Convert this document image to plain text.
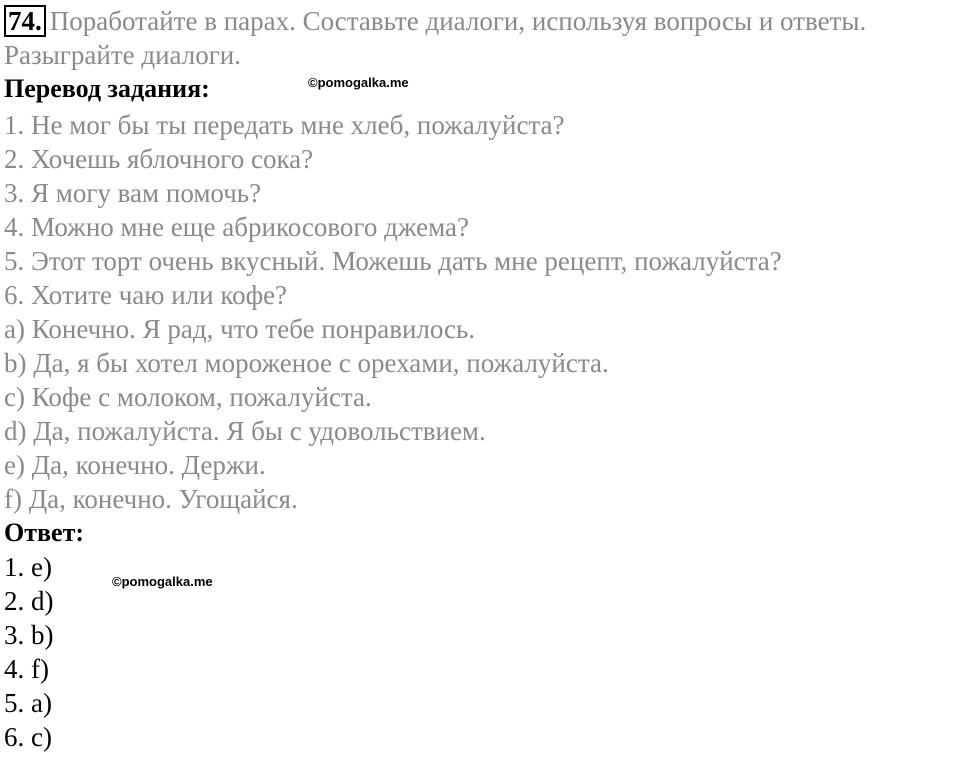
74. Поработайте в парах. Составьте диалоги, используя вопросы и ответы.
Разыграйте диалоги.
Перевод задания:
1. Не мог бы ты передать мне хлеб, пожалуйста?
2. Хочешь яблочного сока?
3. Я могу вам помочь?
4. Можно мне еще абрикосового джема?
5. Этот торт очень вкусный. Можешь дать мне рецепт, пожалуйста?
6. Хотите чаю или кофе?
a) Конечно. Я рад, что тебе понравилось.
b) Да, я бы хотел мороженое с орехами, пожалуйста.
c) Кофе с молоком, пожалуйста.
d) Да, пожалуйста. Я бы с удовольствием.
e) Да, конечно. Держи.
f) Да, конечно. Угощайся.
Ответ:
1. e)
2. d)
3. b)
4. f)
5. a)
6. c)
©pomogalka.me
©pomogalka.me
